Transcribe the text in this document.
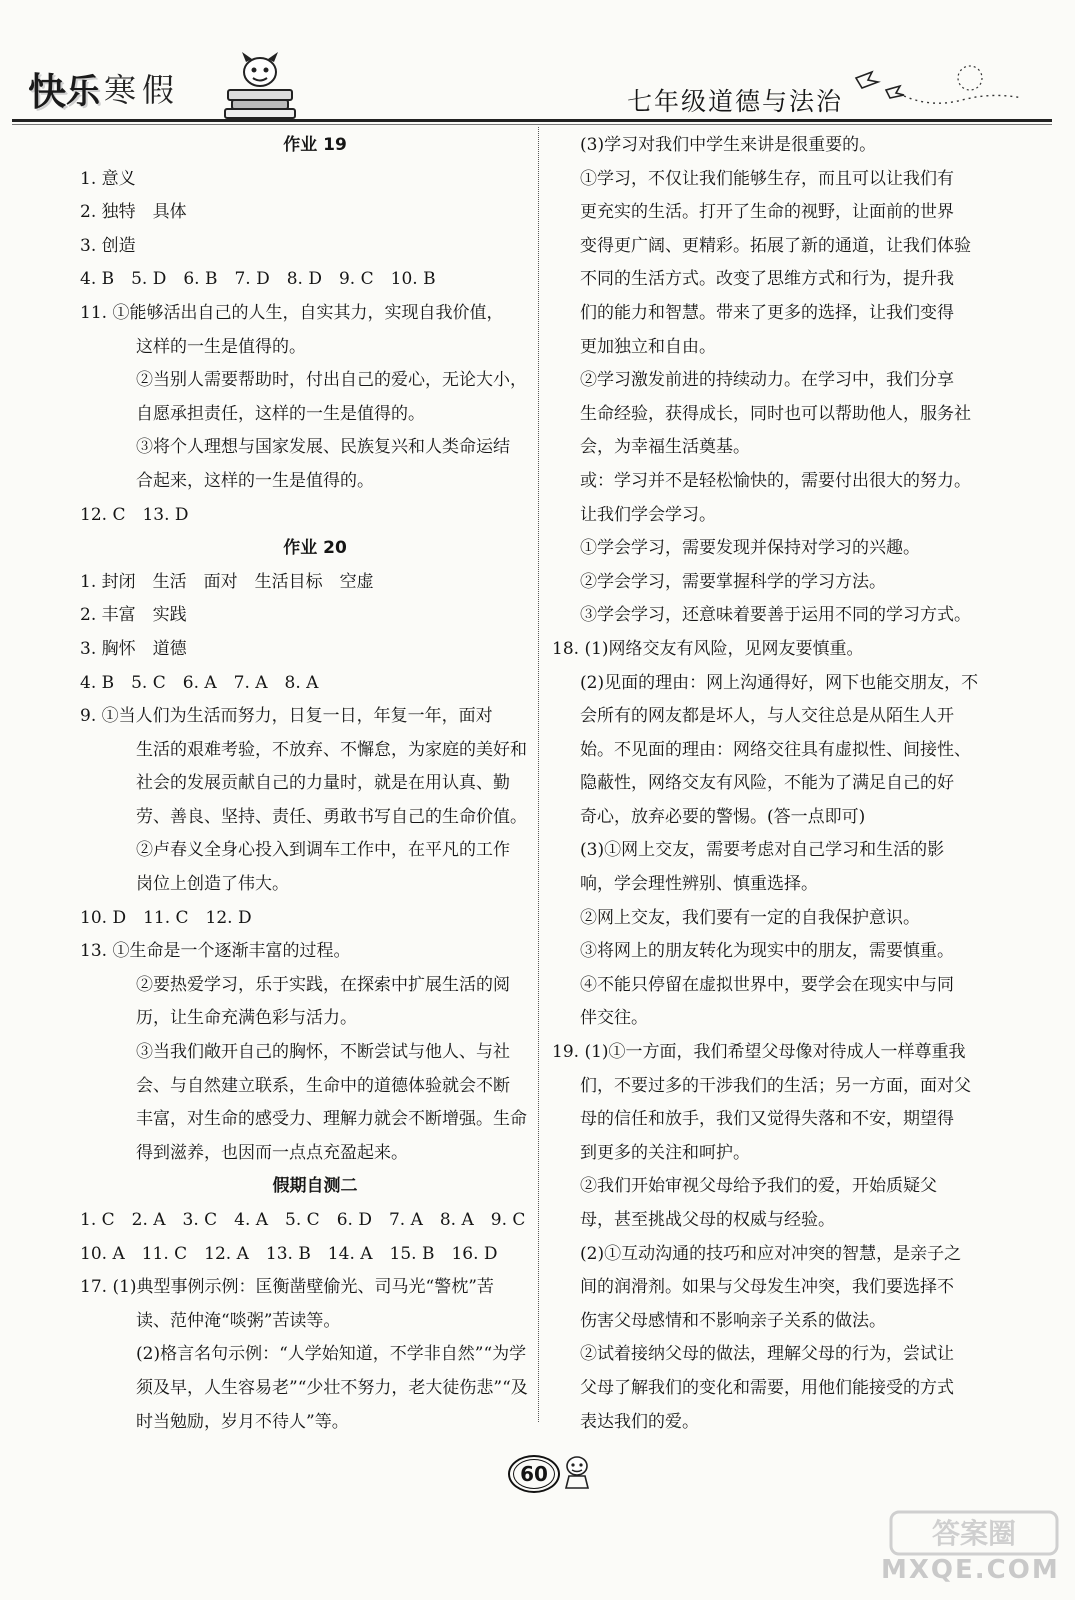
快 乐 寒 假	七年级道德与法治
作业 19
1. 意义
2. 独特　具体
3. 创造
4. B　5. D　6. B　7. D　8. D　9. C　10. B
11. ①能够活出自己的人生，自实其力，实现自我价值，
这样的一生是值得的。
②当别人需要帮助时，付出自己的爱心，无论大小，
自愿承担责任，这样的一生是值得的。
③将个人理想与国家发展、民族复兴和人类命运结
合起来，这样的一生是值得的。
12. C　13. D
作业 20
1. 封闭　生活　面对　生活目标　空虚
2. 丰富　实践
3. 胸怀　道德
4. B　5. C　6. A　7. A　8. A
9. ①当人们为生活而努力，日复一日，年复一年，面对
生活的艰难考验，不放弃、不懈怠，为家庭的美好和
社会的发展贡献自己的力量时，就是在用认真、勤
劳、善良、坚持、责任、勇敢书写自己的生命价值。
②卢春义全身心投入到调车工作中，在平凡的工作
岗位上创造了伟大。
10. D　11. C　12. D
13. ①生命是一个逐渐丰富的过程。
②要热爱学习，乐于实践，在探索中扩展生活的阅
历，让生命充满色彩与活力。
③当我们敞开自己的胸怀，不断尝试与他人、与社
会、与自然建立联系，生命中的道德体验就会不断
丰富，对生命的感受力、理解力就会不断增强。生命
得到滋养，也因而一点点充盈起来。
假期自测二
1. C　2. A　3. C　4. A　5. C　6. D　7. A　8. A　9. C
10. A　11. C　12. A　13. B　14. A　15. B　16. D
17. (1)典型事例示例：匡衡凿壁偷光、司马光“警枕”苦
读、范仲淹“啖粥”苦读等。
(2)格言名句示例：“人学始知道，不学非自然”“为学
须及早，人生容易老”“少壮不努力，老大徒伤悲”“及
时当勉励，岁月不待人”等。
(3)学习对我们中学生来讲是很重要的。
①学习，不仅让我们能够生存，而且可以让我们有
更充实的生活。打开了生命的视野，让面前的世界
变得更广阔、更精彩。拓展了新的通道，让我们体验
不同的生活方式。改变了思维方式和行为，提升我
们的能力和智慧。带来了更多的选择，让我们变得
更加独立和自由。
②学习激发前进的持续动力。在学习中，我们分享
生命经验，获得成长，同时也可以帮助他人，服务社
会，为幸福生活奠基。
或：学习并不是轻松愉快的，需要付出很大的努力。
让我们学会学习。
①学会学习，需要发现并保持对学习的兴趣。
②学会学习，需要掌握科学的学习方法。
③学会学习，还意味着要善于运用不同的学习方式。
18. (1)网络交友有风险，见网友要慎重。
(2)见面的理由：网上沟通得好，网下也能交朋友，不
会所有的网友都是坏人，与人交往总是从陌生人开
始。不见面的理由：网络交往具有虚拟性、间接性、
隐蔽性，网络交友有风险，不能为了满足自己的好
奇心，放弃必要的警惕。(答一点即可)
(3)①网上交友，需要考虑对自己学习和生活的影
响，学会理性辨别、慎重选择。
②网上交友，我们要有一定的自我保护意识。
③将网上的朋友转化为现实中的朋友，需要慎重。
④不能只停留在虚拟世界中，要学会在现实中与同
伴交往。
19. (1)①一方面，我们希望父母像对待成人一样尊重我
们，不要过多的干涉我们的生活；另一方面，面对父
母的信任和放手，我们又觉得失落和不安，期望得
到更多的关注和呵护。
②我们开始审视父母给予我们的爱，开始质疑父
母，甚至挑战父母的权威与经验。
(2)①互动沟通的技巧和应对冲突的智慧，是亲子之
间的润滑剂。如果与父母发生冲突，我们要选择不
伤害父母感情和不影响亲子关系的做法。
②试着接纳父母的做法，理解父母的行为，尝试让
父母了解我们的变化和需要，用他们能接受的方式
表达我们的爱。
60
答案圈
MXQE.COM
